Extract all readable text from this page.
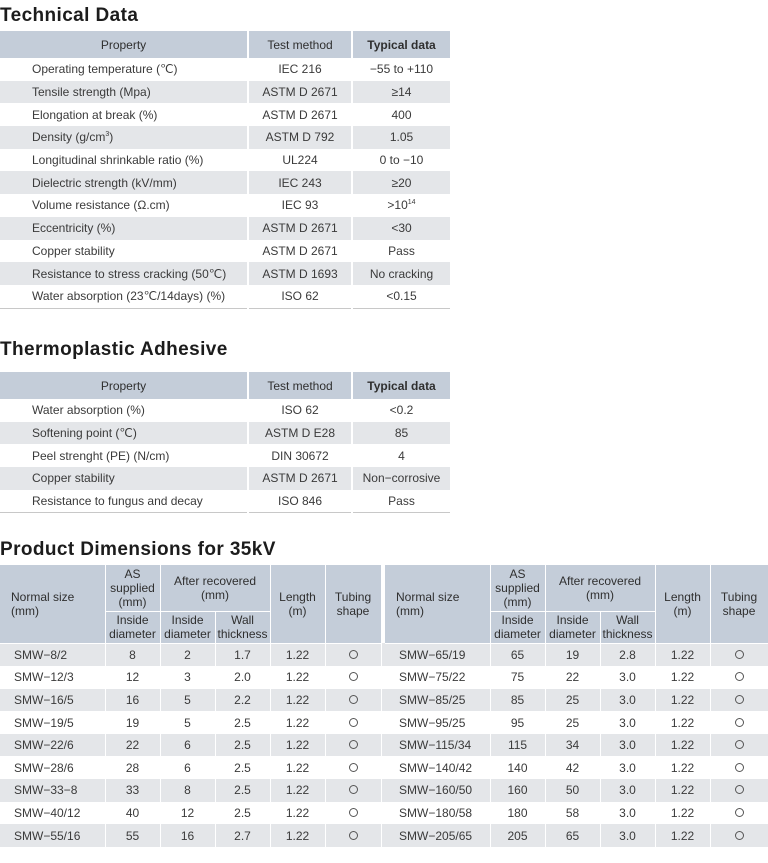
Technical Data
Property	Test method	Typical data
Operating temperature (℃)	IEC 216	−55 to +110
Tensile strength (Mpa)	ASTM D 2671	≥14
Elongation at break (%)	ASTM D 2671	400
Density $(g/cm^3)$	ASTM D 792	1.05
Longitudinal shrinkable ratio (%)	UL224	0 to −10
Dielectric strength (kV/mm)	IEC 243	≥20
Volume resistance (Ω.cm)	IEC 93	$>10^{14}$
Eccentricity (%)	ASTM D 2671	<30
Copper stability	ASTM D 2671	Pass
Resistance to stress cracking (50℃)	ASTM D 1693	No cracking
Water absorption (23℃/14days) (%)	ISO 62	<0.15
Thermoplastic Adhesive
Property	Test method	Typical data
Water absorption (%)	ISO 62	<0.2
Softening point (℃)	ASTM D E28	85
Peel strenght (PE) (N/cm)	DIN 30672	4
Copper stability	ASTM D 2671	Non−corrosive
Resistance to fungus and decay	ISO 846	Pass
Product Dimensions for 35kV
Normal size (mm)	AS supplied (mm)	After recovered (mm)		Length (m)	Tubing shape		Normal size (mm)	AS supplied (mm)	After recovered (mm)		Length (m)	Tubing shape
	Inside diameter	Inside diameter	Wall thickness					Inside diameter	Inside diameter	Wall thickness		
SMW−8/2	8	2	1.7	1.22			SMW−65/19	65	19	2.8	1.22	
SMW−12/3	12	3	2.0	1.22			SMW−75/22	75	22	3.0	1.22	
SMW−16/5	16	5	2.2	1.22			SMW−85/25	85	25	3.0	1.22	
SMW−19/5	19	5	2.5	1.22			SMW−95/25	95	25	3.0	1.22	
SMW−22/6	22	6	2.5	1.22			SMW−115/34	115	34	3.0	1.22	
SMW−28/6	28	6	2.5	1.22			SMW−140/42	140	42	3.0	1.22	
SMW−33−8	33	8	2.5	1.22			SMW−160/50	160	50	3.0	1.22	
SMW−40/12	40	12	2.5	1.22			SMW−180/58	180	58	3.0	1.22	
SMW−55/16	55	16	2.7	1.22			SMW−205/65	205	65	3.0	1.22	
